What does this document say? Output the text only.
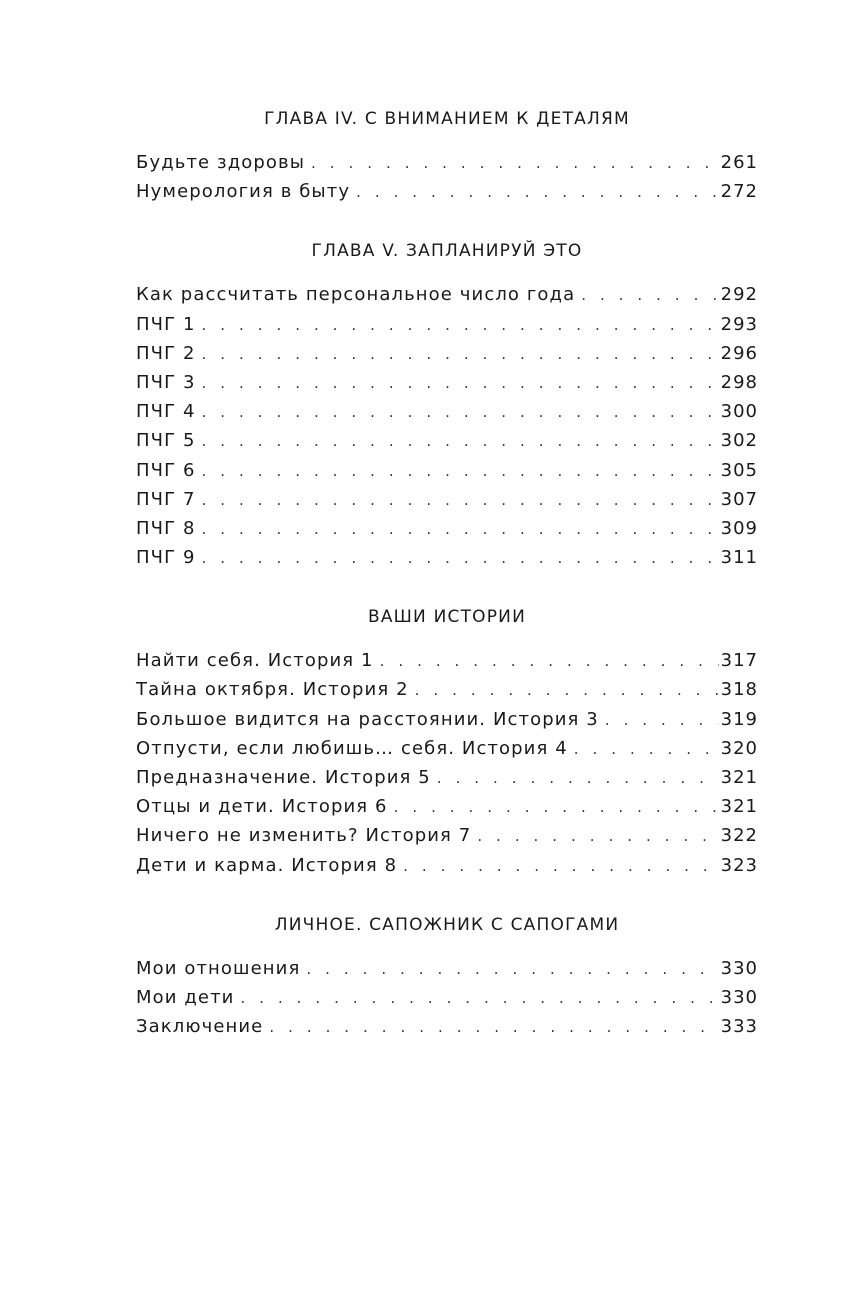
ГЛАВА IV. С ВНИМАНИЕМ К ДЕТАЛЯМ
Будьте здоровы . . .	261
Нумерология в быту . . .	272
ГЛАВА V. ЗАПЛАНИРУЙ ЭТО
Как рассчитать персональное число года . . .	292
ПЧГ 1 . . .	293
ПЧГ 2 . . .	296
ПЧГ 3 . . .	298
ПЧГ 4 . . .	300
ПЧГ 5 . . .	302
ПЧГ 6 . . .	305
ПЧГ 7 . . .	307
ПЧГ 8 . . .	309
ПЧГ 9 . . .	311
ВАШИ ИСТОРИИ
Найти себя. История 1 . . .	317
Тайна октября. История 2 . . .	318
Большое видится на расстоянии. История 3 . . .	319
Отпусти, если любишь… себя. История 4 . . .	320
Предназначение. История 5 . . .	321
Отцы и дети. История 6 . . .	321
Ничего не изменить? История 7 . . .	322
Дети и карма. История 8 . . .	323
ЛИЧНОЕ. САПОЖНИК С САПОГАМИ
Мои отношения . . .	330
Мои дети . . .	330
Заключение . . .	333
